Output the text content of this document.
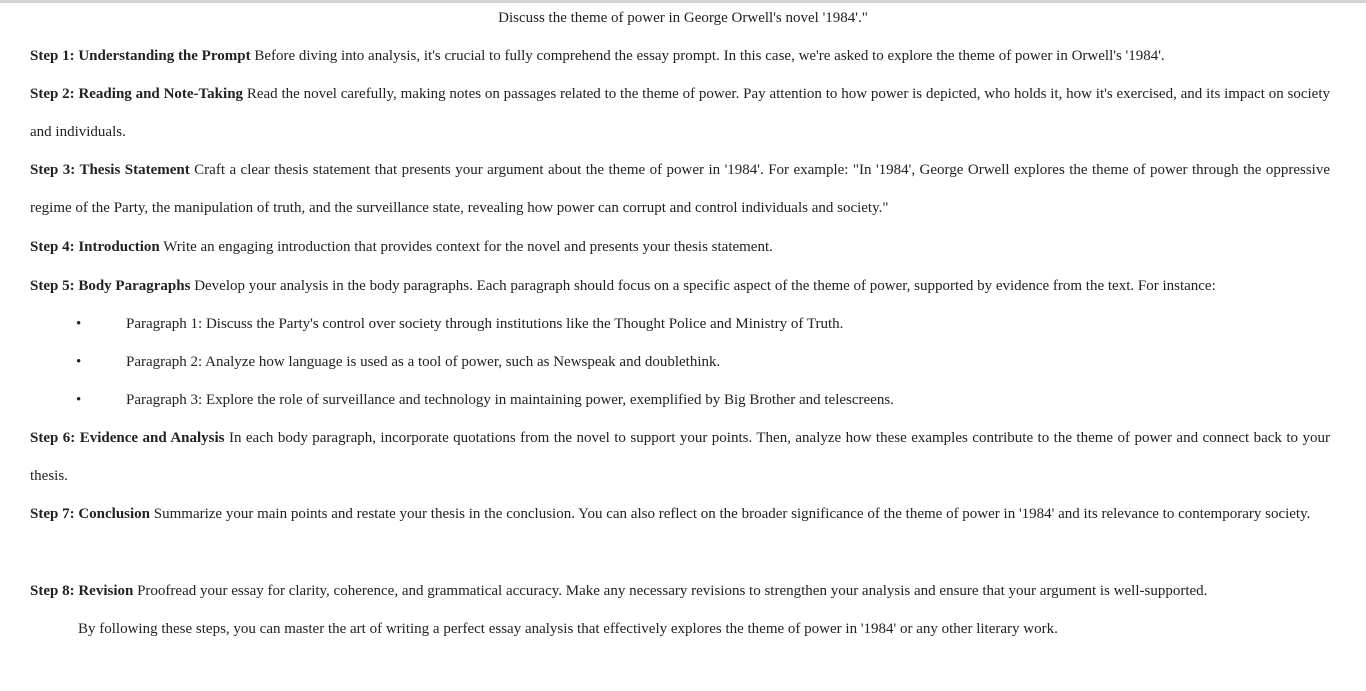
Discuss the theme of power in George Orwell's novel '1984'."

Step 1: Understanding the Prompt Before diving into analysis, it's crucial to fully comprehend the essay prompt. In this case, we're asked to explore the theme of power in Orwell's '1984'.

Step 2: Reading and Note-Taking Read the novel carefully, making notes on passages related to the theme of power. Pay attention to how power is depicted, who holds it, how it's exercised, and its impact on society and individuals.

Step 3: Thesis Statement Craft a clear thesis statement that presents your argument about the theme of power in '1984'. For example: "In '1984', George Orwell explores the theme of power through the oppressive regime of the Party, the manipulation of truth, and the surveillance state, revealing how power can corrupt and control individuals and society."

Step 4: Introduction Write an engaging introduction that provides context for the novel and presents your thesis statement.

Step 5: Body Paragraphs Develop your analysis in the body paragraphs. Each paragraph should focus on a specific aspect of the theme of power, supported by evidence from the text. For instance:

•	Paragraph 1: Discuss the Party's control over society through institutions like the Thought Police and Ministry of Truth.
•	Paragraph 2: Analyze how language is used as a tool of power, such as Newspeak and doublethink.
•	Paragraph 3: Explore the role of surveillance and technology in maintaining power, exemplified by Big Brother and telescreens.

Step 6: Evidence and Analysis In each body paragraph, incorporate quotations from the novel to support your points. Then, analyze how these examples contribute to the theme of power and connect back to your thesis.

Step 7: Conclusion Summarize your main points and restate your thesis in the conclusion. You can also reflect on the broader significance of the theme of power in '1984' and its relevance to contemporary society.

Step 8: Revision Proofread your essay for clarity, coherence, and grammatical accuracy. Make any necessary revisions to strengthen your analysis and ensure that your argument is well-supported.

By following these steps, you can master the art of writing a perfect essay analysis that effectively explores the theme of power in '1984' or any other literary work.
